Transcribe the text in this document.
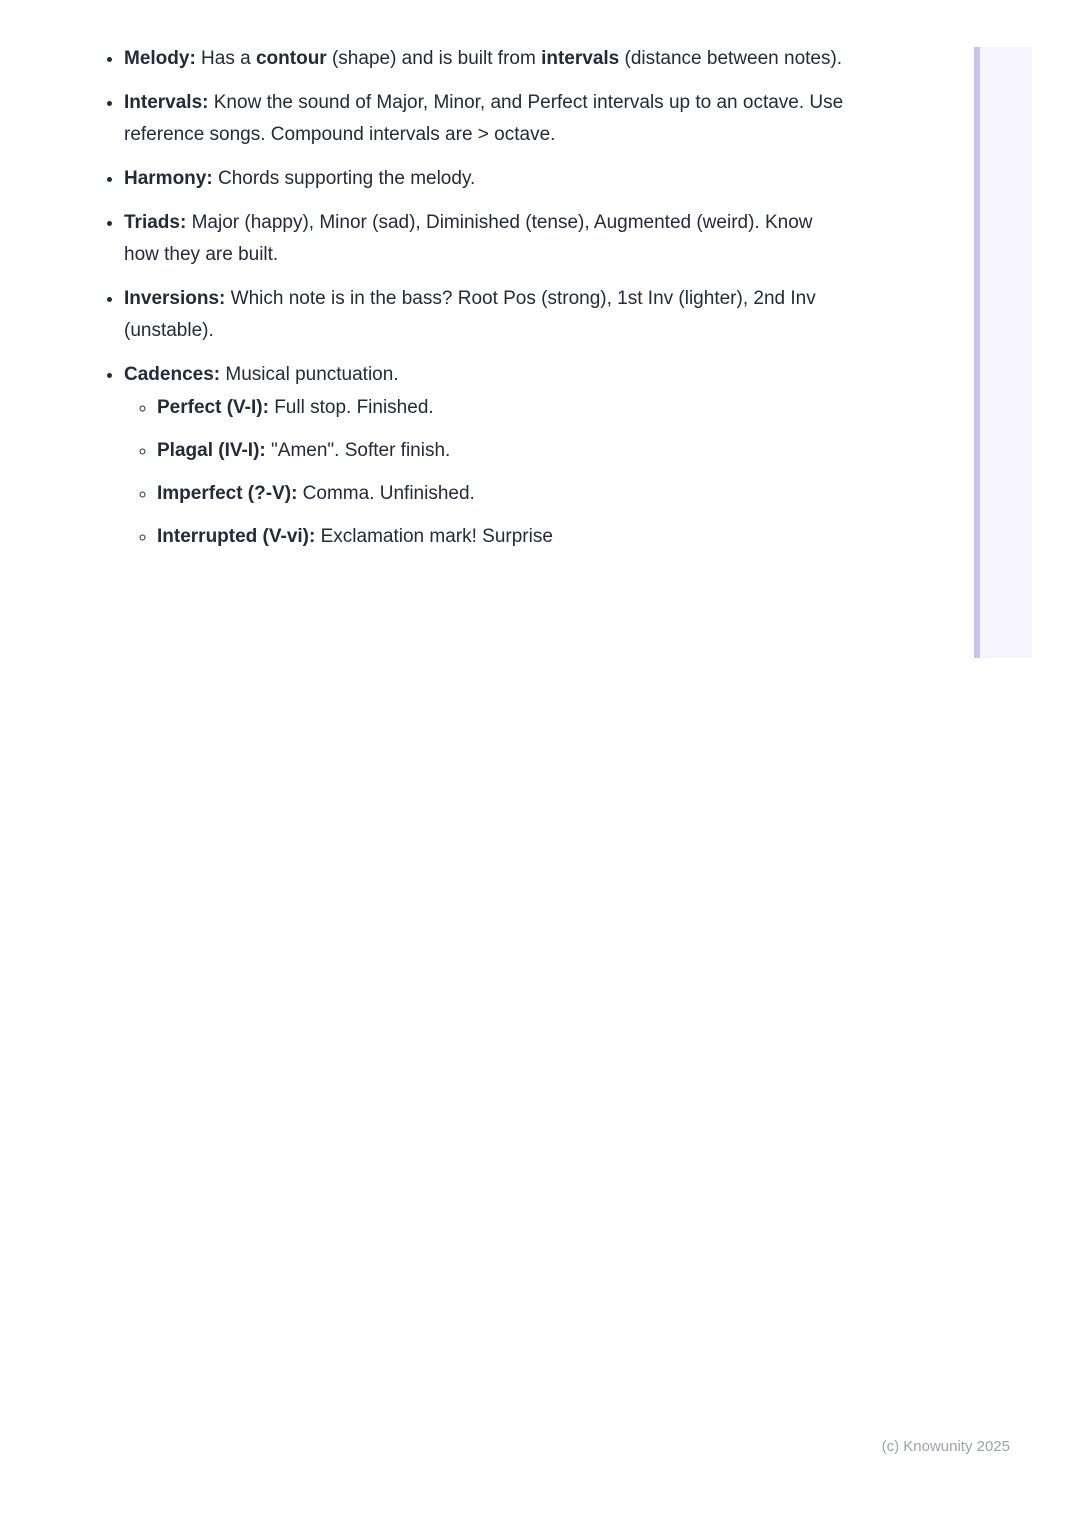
• Melody: Has a contour (shape) and is built from intervals (distance between notes).
• Intervals: Know the sound of Major, Minor, and Perfect intervals up to an octave. Use reference songs. Compound intervals are > octave.
• Harmony: Chords supporting the melody.
• Triads: Major (happy), Minor (sad), Diminished (tense), Augmented (weird). Know how they are built.
• Inversions: Which note is in the bass? Root Pos (strong), 1st Inv (lighter), 2nd Inv (unstable).
• Cadences: Musical punctuation.
◦ Perfect (V-I): Full stop. Finished.
◦ Plagal (IV-I): "Amen". Softer finish.
◦ Imperfect (?-V): Comma. Unfinished.
◦ Interrupted (V-vi): Exclamation mark! Surprise
(c) Knowunity 2025
